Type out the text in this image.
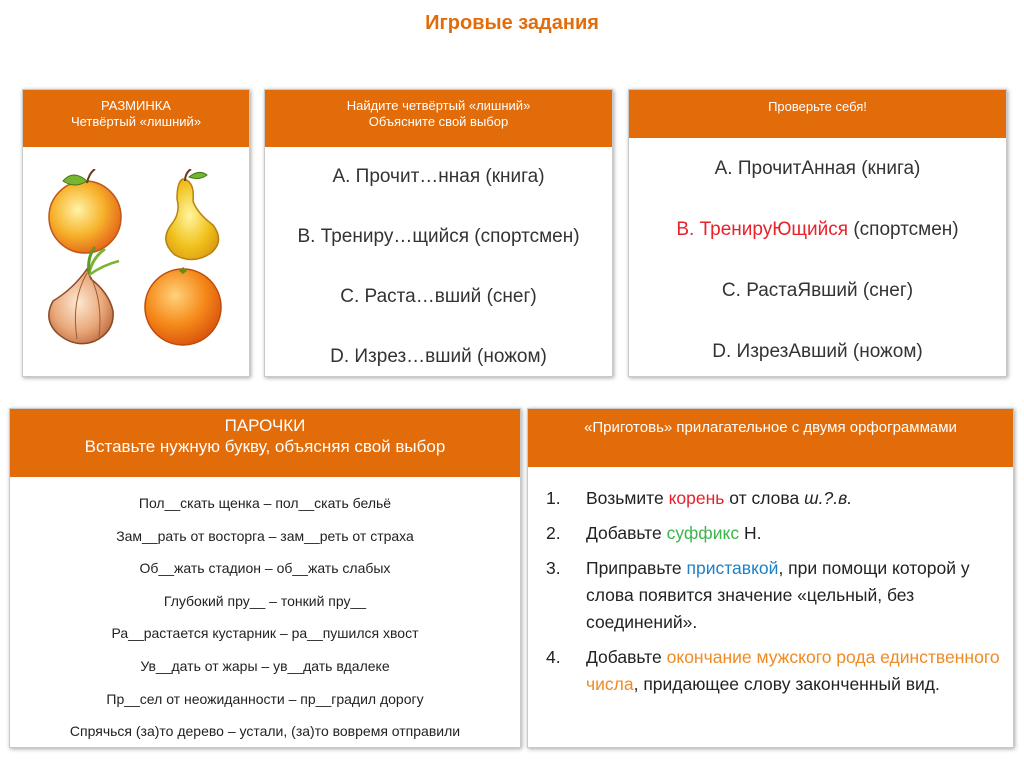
Игровые задания
РАЗМИНКА
Четвёртый «лишний»
Найдите четвёртый «лишний»
Объясните свой выбор
А. Прочит…нная (книга)
В. Трениру…щийся (спортсмен)
С. Раста…вший (снег)
D. Изрез…вший (ножом)
Проверьте себя!
А. ПрочитАнная (книга)
В. ТренируЮщийся (спортсмен)
С. РастаЯвший (снег)
D. ИзрезАвший (ножом)
ПАРОЧКИ
Вставьте нужную букву, объясняя свой выбор
Пол__скать щенка – пол__скать бельё
Зам__рать от восторга – зам__реть от страха
Об__жать стадион – об__жать слабых
Глубокий пру__ – тонкий пру__
Ра__растается кустарник – ра__пушился хвост
Ув__дать от жары – ув__дать вдалеке
Пр__сел от неожиданности – пр__градил дорогу
Спрячься (за)то дерево – устали, (за)то вовремя отправили
«Приготовь» прилагательное с двумя орфограммами
1.	Возьмите корень от слова ш.?.в.
2.	Добавьте суффикс Н.
3.	Приправьте приставкой, при помощи которой у слова появится значение «цельный, без соединений».
4.	Добавьте окончание мужского рода единственного числа, придающее слову законченный вид.
